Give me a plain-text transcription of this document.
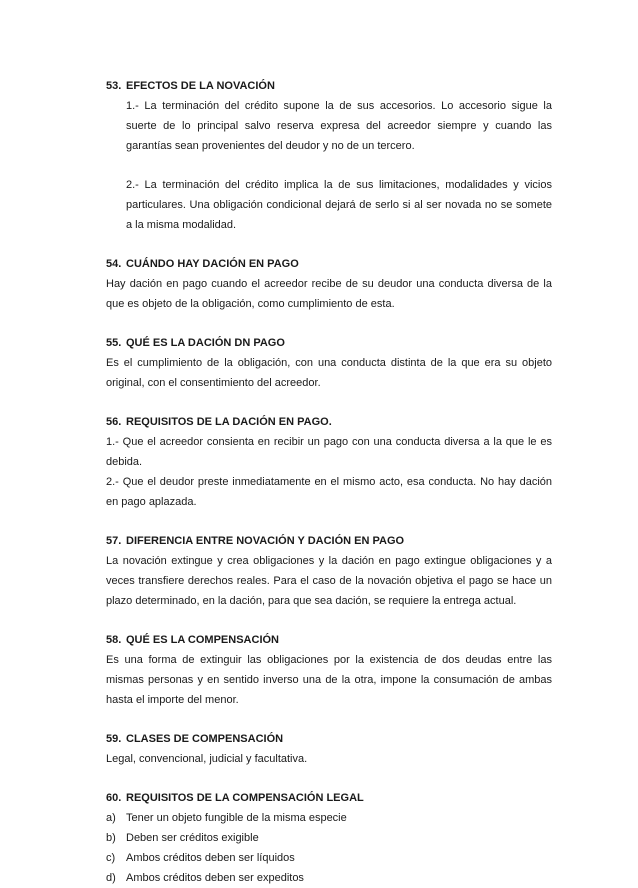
53. EFECTOS DE LA NOVACIÓN

1.- La terminación del crédito supone la de sus accesorios. Lo accesorio sigue la suerte de lo principal salvo reserva expresa del acreedor siempre y cuando las garantías sean provenientes del deudor y no de un tercero.

2.- La terminación del crédito implica la de sus limitaciones, modalidades y vicios particulares. Una obligación condicional dejará de serlo si al ser novada no se somete a la misma modalidad.

54. CUÁNDO HAY DACIÓN EN PAGO

Hay dación en pago cuando el acreedor recibe de su deudor una conducta diversa de la que es objeto de la obligación, como cumplimiento de esta.

55. QUÉ ES LA DACIÓN DN PAGO

Es el cumplimiento de la obligación, con una conducta distinta de la que era su objeto original, con el consentimiento del acreedor.

56. REQUISITOS DE LA DACIÓN EN PAGO.

1.- Que el acreedor consienta en recibir un pago con una conducta diversa a la que le es debida.

2.- Que el deudor preste inmediatamente en el mismo acto, esa conducta. No hay dación en pago aplazada.

57. DIFERENCIA ENTRE NOVACIÓN Y DACIÓN EN PAGO

La novación extingue y crea obligaciones y la dación en pago extingue obligaciones y a veces transfiere derechos reales. Para el caso de la novación objetiva el pago se hace un plazo determinado, en la dación, para que sea dación, se requiere la entrega actual.

58. QUÉ ES LA COMPENSACIÓN

Es una forma de extinguir las obligaciones por la existencia de dos deudas entre las mismas personas y en sentido inverso una de la otra, impone la consumación de ambas hasta el importe del menor.

59. CLASES DE COMPENSACIÓN

Legal, convencional, judicial y facultativa.

60. REQUISITOS DE LA COMPENSACIÓN LEGAL

a) Tener un objeto fungible de la misma especie
b) Deben ser créditos exigible
c) Ambos créditos deben ser líquidos
d) Ambos créditos deben ser expeditos
